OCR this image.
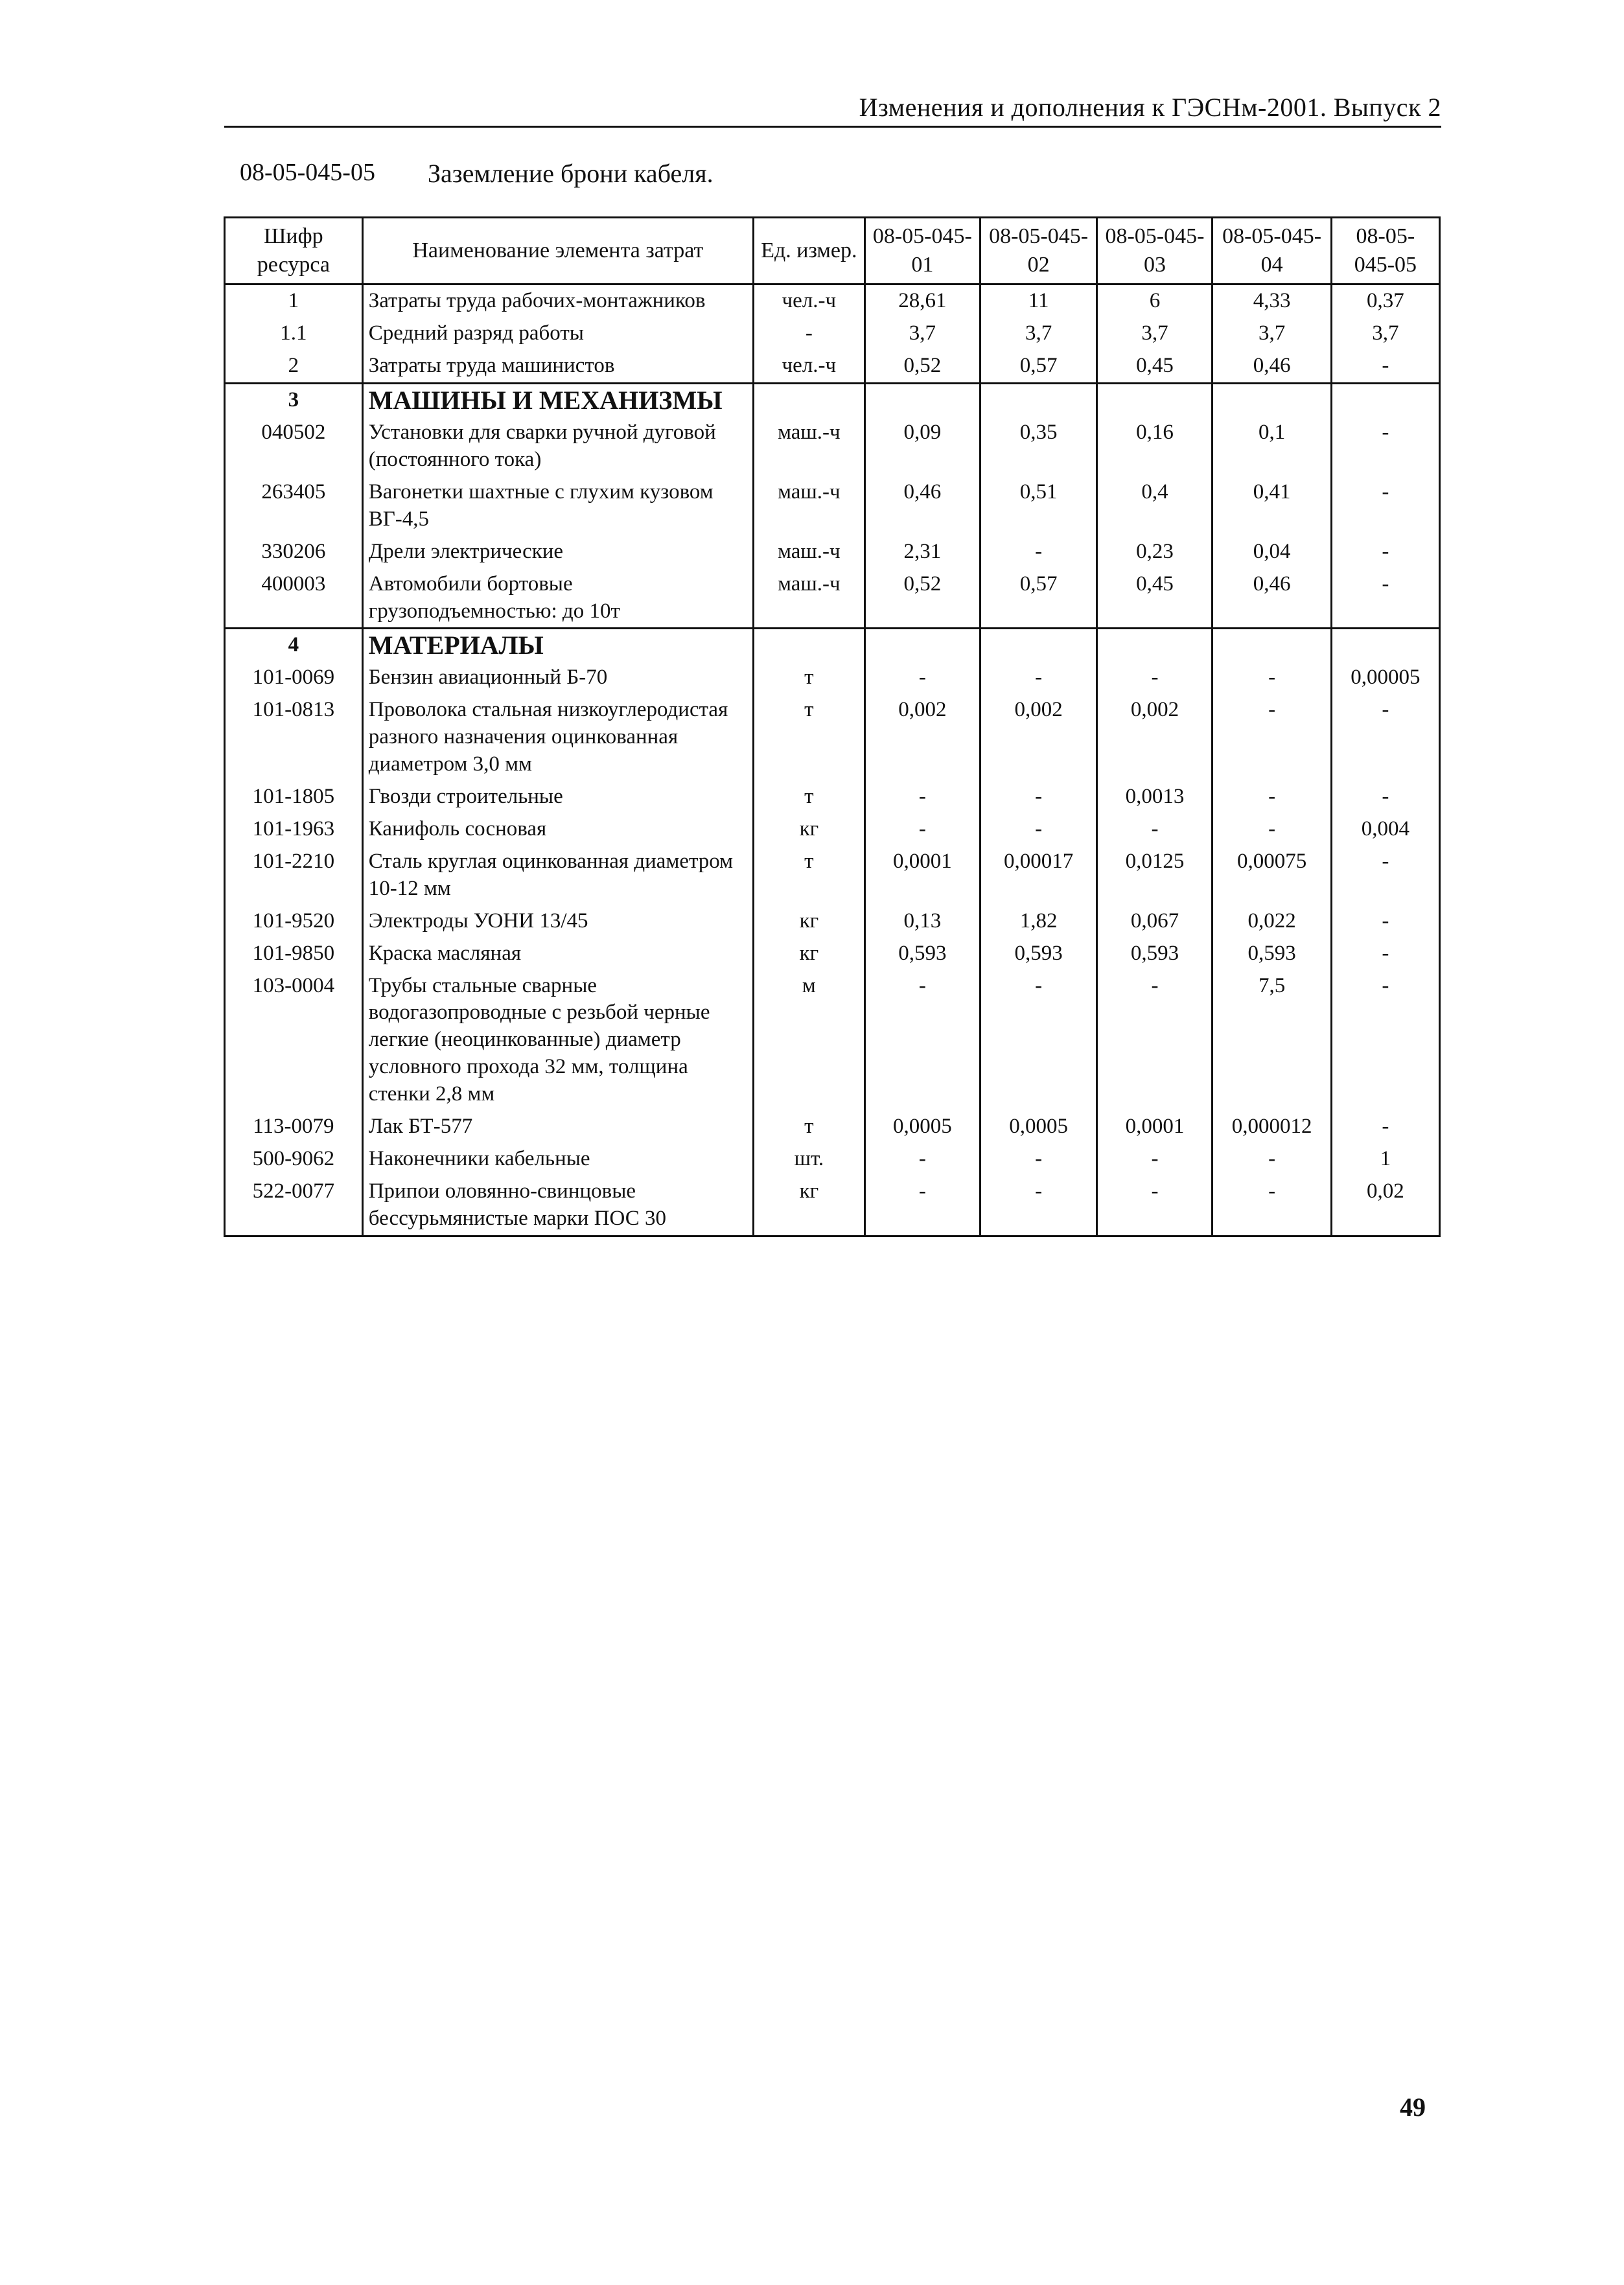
Изменения и дополнения к ГЭСНм-2001. Выпуск 2
08-05-045-05 Заземление брони кабеля.
Шифр ресурса	Наименование элемента затрат	Ед. измер.	08-05-045-01	08-05-045-02	08-05-045-03	08-05-045-04	08-05-045-05
1	Затраты труда рабочих-монтажников	чел.-ч	28,61	11	6	4,33	0,37
1.1	Средний разряд работы	-	3,7	3,7	3,7	3,7	3,7
2	Затраты труда машинистов	чел.-ч	0,52	0,57	0,45	0,46	-
3	МАШИНЫ И МЕХАНИЗМЫ						
040502	Установки для сварки ручной дуговой (постоянного тока)	маш.-ч	0,09	0,35	0,16	0,1	-
263405	Вагонетки шахтные с глухим кузовом ВГ-4,5	маш.-ч	0,46	0,51	0,4	0,41	-
330206	Дрели электрические	маш.-ч	2,31	-	0,23	0,04	-
400003	Автомобили бортовые грузоподъемностью: до 10т	маш.-ч	0,52	0,57	0,45	0,46	-
4	МАТЕРИАЛЫ						
101-0069	Бензин авиационный Б-70	т	-	-	-	-	0,00005
101-0813	Проволока стальная низкоуглеродистая разного назначения оцинкованная диаметром 3,0 мм	т	0,002	0,002	0,002	-	-
101-1805	Гвозди строительные	т	-	-	0,0013	-	-
101-1963	Канифоль сосновая	кг	-	-	-	-	0,004
101-2210	Сталь круглая оцинкованная диаметром 10-12 мм	т	0,0001	0,00017	0,0125	0,00075	-
101-9520	Электроды УОНИ 13/45	кг	0,13	1,82	0,067	0,022	-
101-9850	Краска масляная	кг	0,593	0,593	0,593	0,593	-
103-0004	Трубы стальные сварные водогазопроводные с резьбой черные легкие (неоцинкованные) диаметр условного прохода 32 мм, толщина стенки 2,8 мм	м	-	-	-	7,5	-
113-0079	Лак БТ-577	т	0,0005	0,0005	0,0001	0,000012	-
500-9062	Наконечники кабельные	шт.	-	-	-	-	1
522-0077	Припои оловянно-свинцовые бессурьмянистые марки ПОС 30	кг	-	-	-	-	0,02
49
